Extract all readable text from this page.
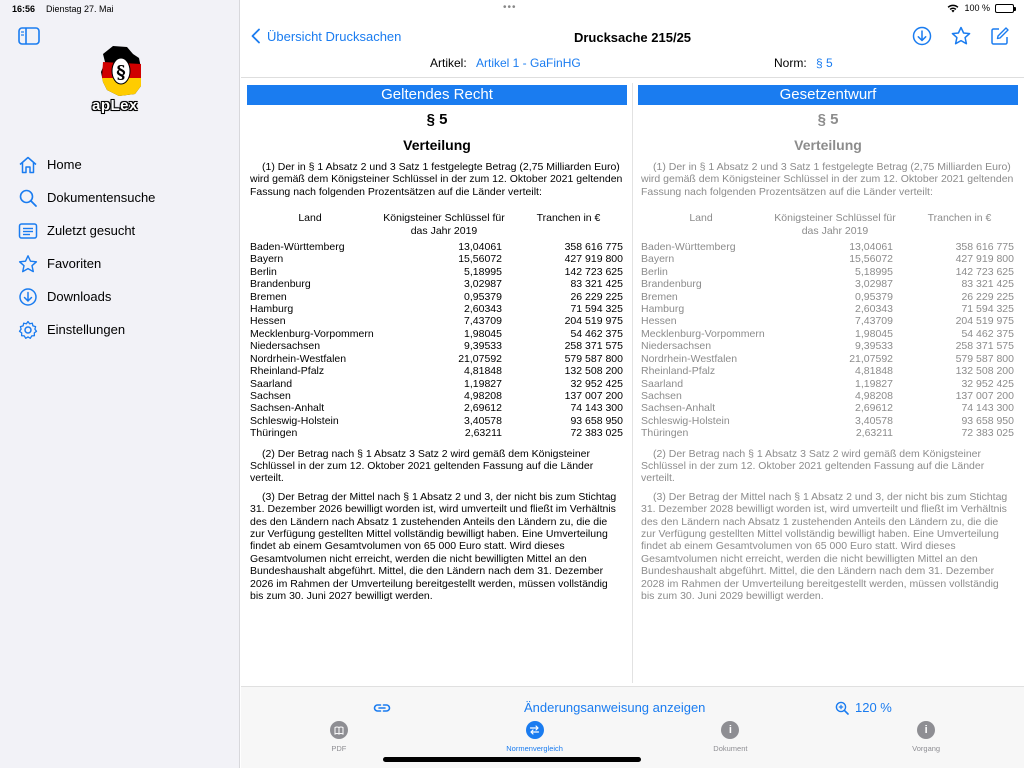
16:56 Dienstag 27. Mai	•••	100 %
§
apLex
Home
Dokumentensuche
Zuletzt gesucht
Favoriten
Downloads
Einstellungen
Übersicht Drucksachen	Drucksache 215/25
Artikel: Artikel 1 - GaFinHG	Norm: § 5
Geltendes Recht
§ 5
Verteilung
(1) Der in § 1 Absatz 2 und 3 Satz 1 festgelegte Betrag (2,75 Milliarden Euro) wird gemäß dem Königsteiner Schlüssel in der zum 12. Oktober 2021 geltenden Fassung nach folgenden Prozentsätzen auf die Länder verteilt:
Land	Königsteiner Schlüssel für das Jahr 2019	Tranchen in €
Baden-Württemberg	13,04061	358 616 775
Bayern	15,56072	427 919 800
Berlin	5,18995	142 723 625
Brandenburg	3,02987	83 321 425
Bremen	0,95379	26 229 225
Hamburg	2,60343	71 594 325
Hessen	7,43709	204 519 975
Mecklenburg-Vorpommern	1,98045	54 462 375
Niedersachsen	9,39533	258 371 575
Nordrhein-Westfalen	21,07592	579 587 800
Rheinland-Pfalz	4,81848	132 508 200
Saarland	1,19827	32 952 425
Sachsen	4,98208	137 007 200
Sachsen-Anhalt	2,69612	74 143 300
Schleswig-Holstein	3,40578	93 658 950
Thüringen	2,63211	72 383 025
(2) Der Betrag nach § 1 Absatz 3 Satz 2 wird gemäß dem Königsteiner Schlüssel in der zum 12. Oktober 2021 geltenden Fassung auf die Länder verteilt.
(3) Der Betrag der Mittel nach § 1 Absatz 2 und 3, der nicht bis zum Stichtag 31. Dezember 2026 bewilligt worden ist, wird umverteilt und fließt im Verhältnis des den Ländern nach Absatz 1 zustehenden Anteils den Ländern zu, die die zur Verfügung gestellten Mittel vollständig bewilligt haben. Eine Umverteilung findet ab einem Gesamtvolumen von 65 000 Euro statt. Wird dieses Gesamtvolumen nicht erreicht, werden die nicht bewilligten Mittel an den Bundeshaushalt abgeführt. Mittel, die den Ländern nach dem 31. Dezember 2026 im Rahmen der Umverteilung bereitgestellt werden, müssen vollständig bis zum 30. Juni 2027 bewilligt werden.
Gesetzentwurf
§ 5
Verteilung
(1) Der in § 1 Absatz 2 und 3 Satz 1 festgelegte Betrag (2,75 Milliarden Euro) wird gemäß dem Königsteiner Schlüssel in der zum 12. Oktober 2021 geltenden Fassung nach folgenden Prozentsätzen auf die Länder verteilt:
Land	Königsteiner Schlüssel für das Jahr 2019	Tranchen in €
Baden-Württemberg	13,04061	358 616 775
Bayern	15,56072	427 919 800
Berlin	5,18995	142 723 625
Brandenburg	3,02987	83 321 425
Bremen	0,95379	26 229 225
Hamburg	2,60343	71 594 325
Hessen	7,43709	204 519 975
Mecklenburg-Vorpommern	1,98045	54 462 375
Niedersachsen	9,39533	258 371 575
Nordrhein-Westfalen	21,07592	579 587 800
Rheinland-Pfalz	4,81848	132 508 200
Saarland	1,19827	32 952 425
Sachsen	4,98208	137 007 200
Sachsen-Anhalt	2,69612	74 143 300
Schleswig-Holstein	3,40578	93 658 950
Thüringen	2,63211	72 383 025
(2) Der Betrag nach § 1 Absatz 3 Satz 2 wird gemäß dem Königsteiner Schlüssel in der zum 12. Oktober 2021 geltenden Fassung auf die Länder verteilt.
(3) Der Betrag der Mittel nach § 1 Absatz 2 und 3, der nicht bis zum Stichtag 31. Dezember 2028 bewilligt worden ist, wird umverteilt und fließt im Verhältnis des den Ländern nach Absatz 1 zustehenden Anteils den Ländern zu, die die zur Verfügung gestellten Mittel vollständig bewilligt haben. Eine Umverteilung findet ab einem Gesamtvolumen von 65 000 Euro statt. Wird dieses Gesamtvolumen nicht erreicht, werden die nicht bewilligten Mittel an den Bundeshaushalt abgeführt. Mittel, die den Ländern nach dem 31. Dezember 2028 im Rahmen der Umverteilung bereitgestellt werden, müssen vollständig bis zum 30. Juni 2029 bewilligt werden.
Änderungsanweisung anzeigen	120 %
PDF	Normenvergleich
i
Dokument
i
Vorgang
